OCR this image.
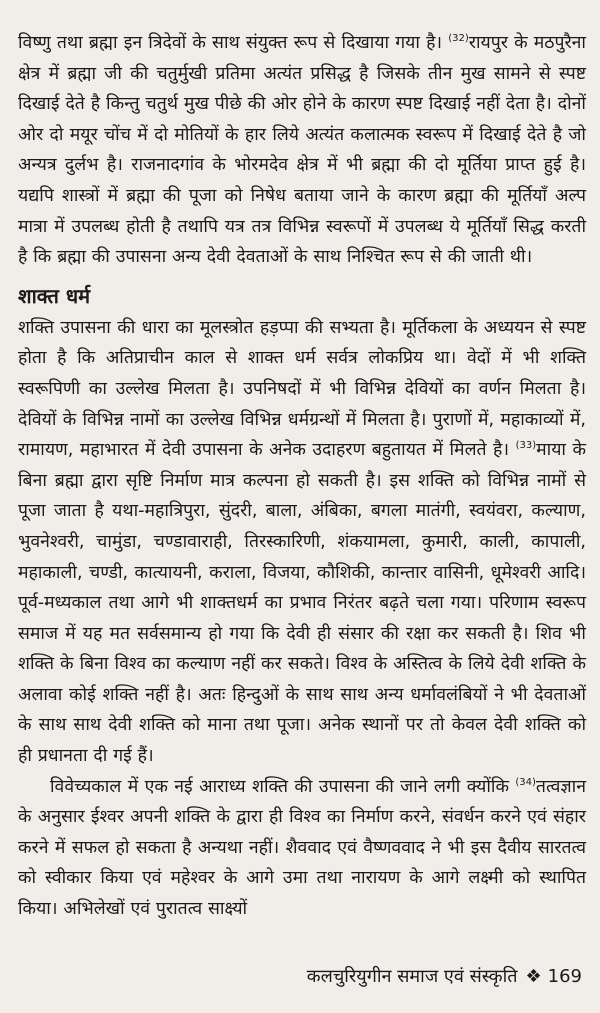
विष्णु तथा ब्रह्मा इन त्रिदेवों के साथ संयुक्त रूप से दिखाया गया है। $^{(32)}$रायपुर के मठपुरैना क्षेत्र में ब्रह्मा जी की चतुर्मुखी प्रतिमा अत्यंत प्रसिद्ध है जिसके तीन मुख सामने से स्पष्ट दिखाई देते है किन्तु चतुर्थ मुख पीछे की ओर होने के कारण स्पष्ट दिखाई नहीं देता है। दोनों ओर दो मयूर चोंच में दो मोतियों के हार लिये अत्यंत कलात्मक स्वरूप में दिखाई देते है जो अन्यत्र दुर्लभ है। राजनादगांव के भोरमदेव क्षेत्र में भी ब्रह्मा की दो मूर्तिया प्राप्त हुई है। यद्यपि शास्त्रों में ब्रह्मा की पूजा को निषेध बताया जाने के कारण ब्रह्मा की मूर्तियाँ अल्प मात्रा में उपलब्ध होती है तथापि यत्र तत्र विभिन्न स्वरूपों में उपलब्ध ये मूर्तियाँ सिद्ध करती है कि ब्रह्मा की उपासना अन्य देवी देवताओं के साथ निश्चित रूप से की जाती थी।

शाक्त धर्म

शक्ति उपासना की धारा का मूलस्त्रोत हड़प्पा की सभ्यता है। मूर्तिकला के अध्ययन से स्पष्ट होता है कि अतिप्राचीन काल से शाक्त धर्म सर्वत्र लोकप्रिय था। वेदों में भी शक्ति स्वरूपिणी का उल्लेख मिलता है। उपनिषदों में भी विभिन्न देवियों का वर्णन मिलता है। देवियों के विभिन्न नामों का उल्लेख विभिन्न धर्मग्रन्थों में मिलता है। पुराणों में, महाकाव्यों में, रामायण, महाभारत में देवी उपासना के अनेक उदाहरण बहुतायत में मिलते है। $^{(33)}$माया के बिना ब्रह्मा द्वारा सृष्टि निर्माण मात्र कल्पना हो सकती है। इस शक्ति को विभिन्न नामों से पूजा जाता है यथा-महात्रिपुरा, सुंदरी, बाला, अंबिका, बगला मातंगी, स्वयंवरा, कल्याण, भुवनेश्वरी, चामुंडा, चण्डावाराही, तिरस्कारिणी, शंकयामला, कुमारी, काली, कापाली, महाकाली, चण्डी, कात्यायनी, कराला, विजया, कौशिकी, कान्तार वासिनी, धूमेश्वरी आदि। पूर्व-मध्यकाल तथा आगे भी शाक्तधर्म का प्रभाव निरंतर बढ़ते चला गया। परिणाम स्वरूप समाज में यह मत सर्वसमान्य हो गया कि देवी ही संसार की रक्षा कर सकती है। शिव भी शक्ति के बिना विश्व का कल्याण नहीं कर सकते। विश्व के अस्तित्व के लिये देवी शक्ति के अलावा कोई शक्ति नहीं है। अतः हिन्दुओं के साथ साथ अन्य धर्मावलंबियों ने भी देवताओं के साथ साथ देवी शक्ति को माना तथा पूजा। अनेक स्थानों पर तो केवल देवी शक्ति को ही प्रधानता दी गई हैं।

विवेच्यकाल में एक नई आराध्य शक्ति की उपासना की जाने लगी क्योंकि $^{(34)}$तत्वज्ञान के अनुसार ईश्वर अपनी शक्ति के द्वारा ही विश्व का निर्माण करने, संवर्धन करने एवं संहार करने में सफल हो सकता है अन्यथा नहीं। शैववाद एवं वैष्णववाद ने भी इस दैवीय सारतत्व को स्वीकार किया एवं महेश्वर के आगे उमा तथा नारायण के आगे लक्ष्मी को स्थापित किया। अभिलेखों एवं पुरातत्व साक्ष्यों

कलचुरियुगीन समाज एवं संस्कृति ❖ 169
